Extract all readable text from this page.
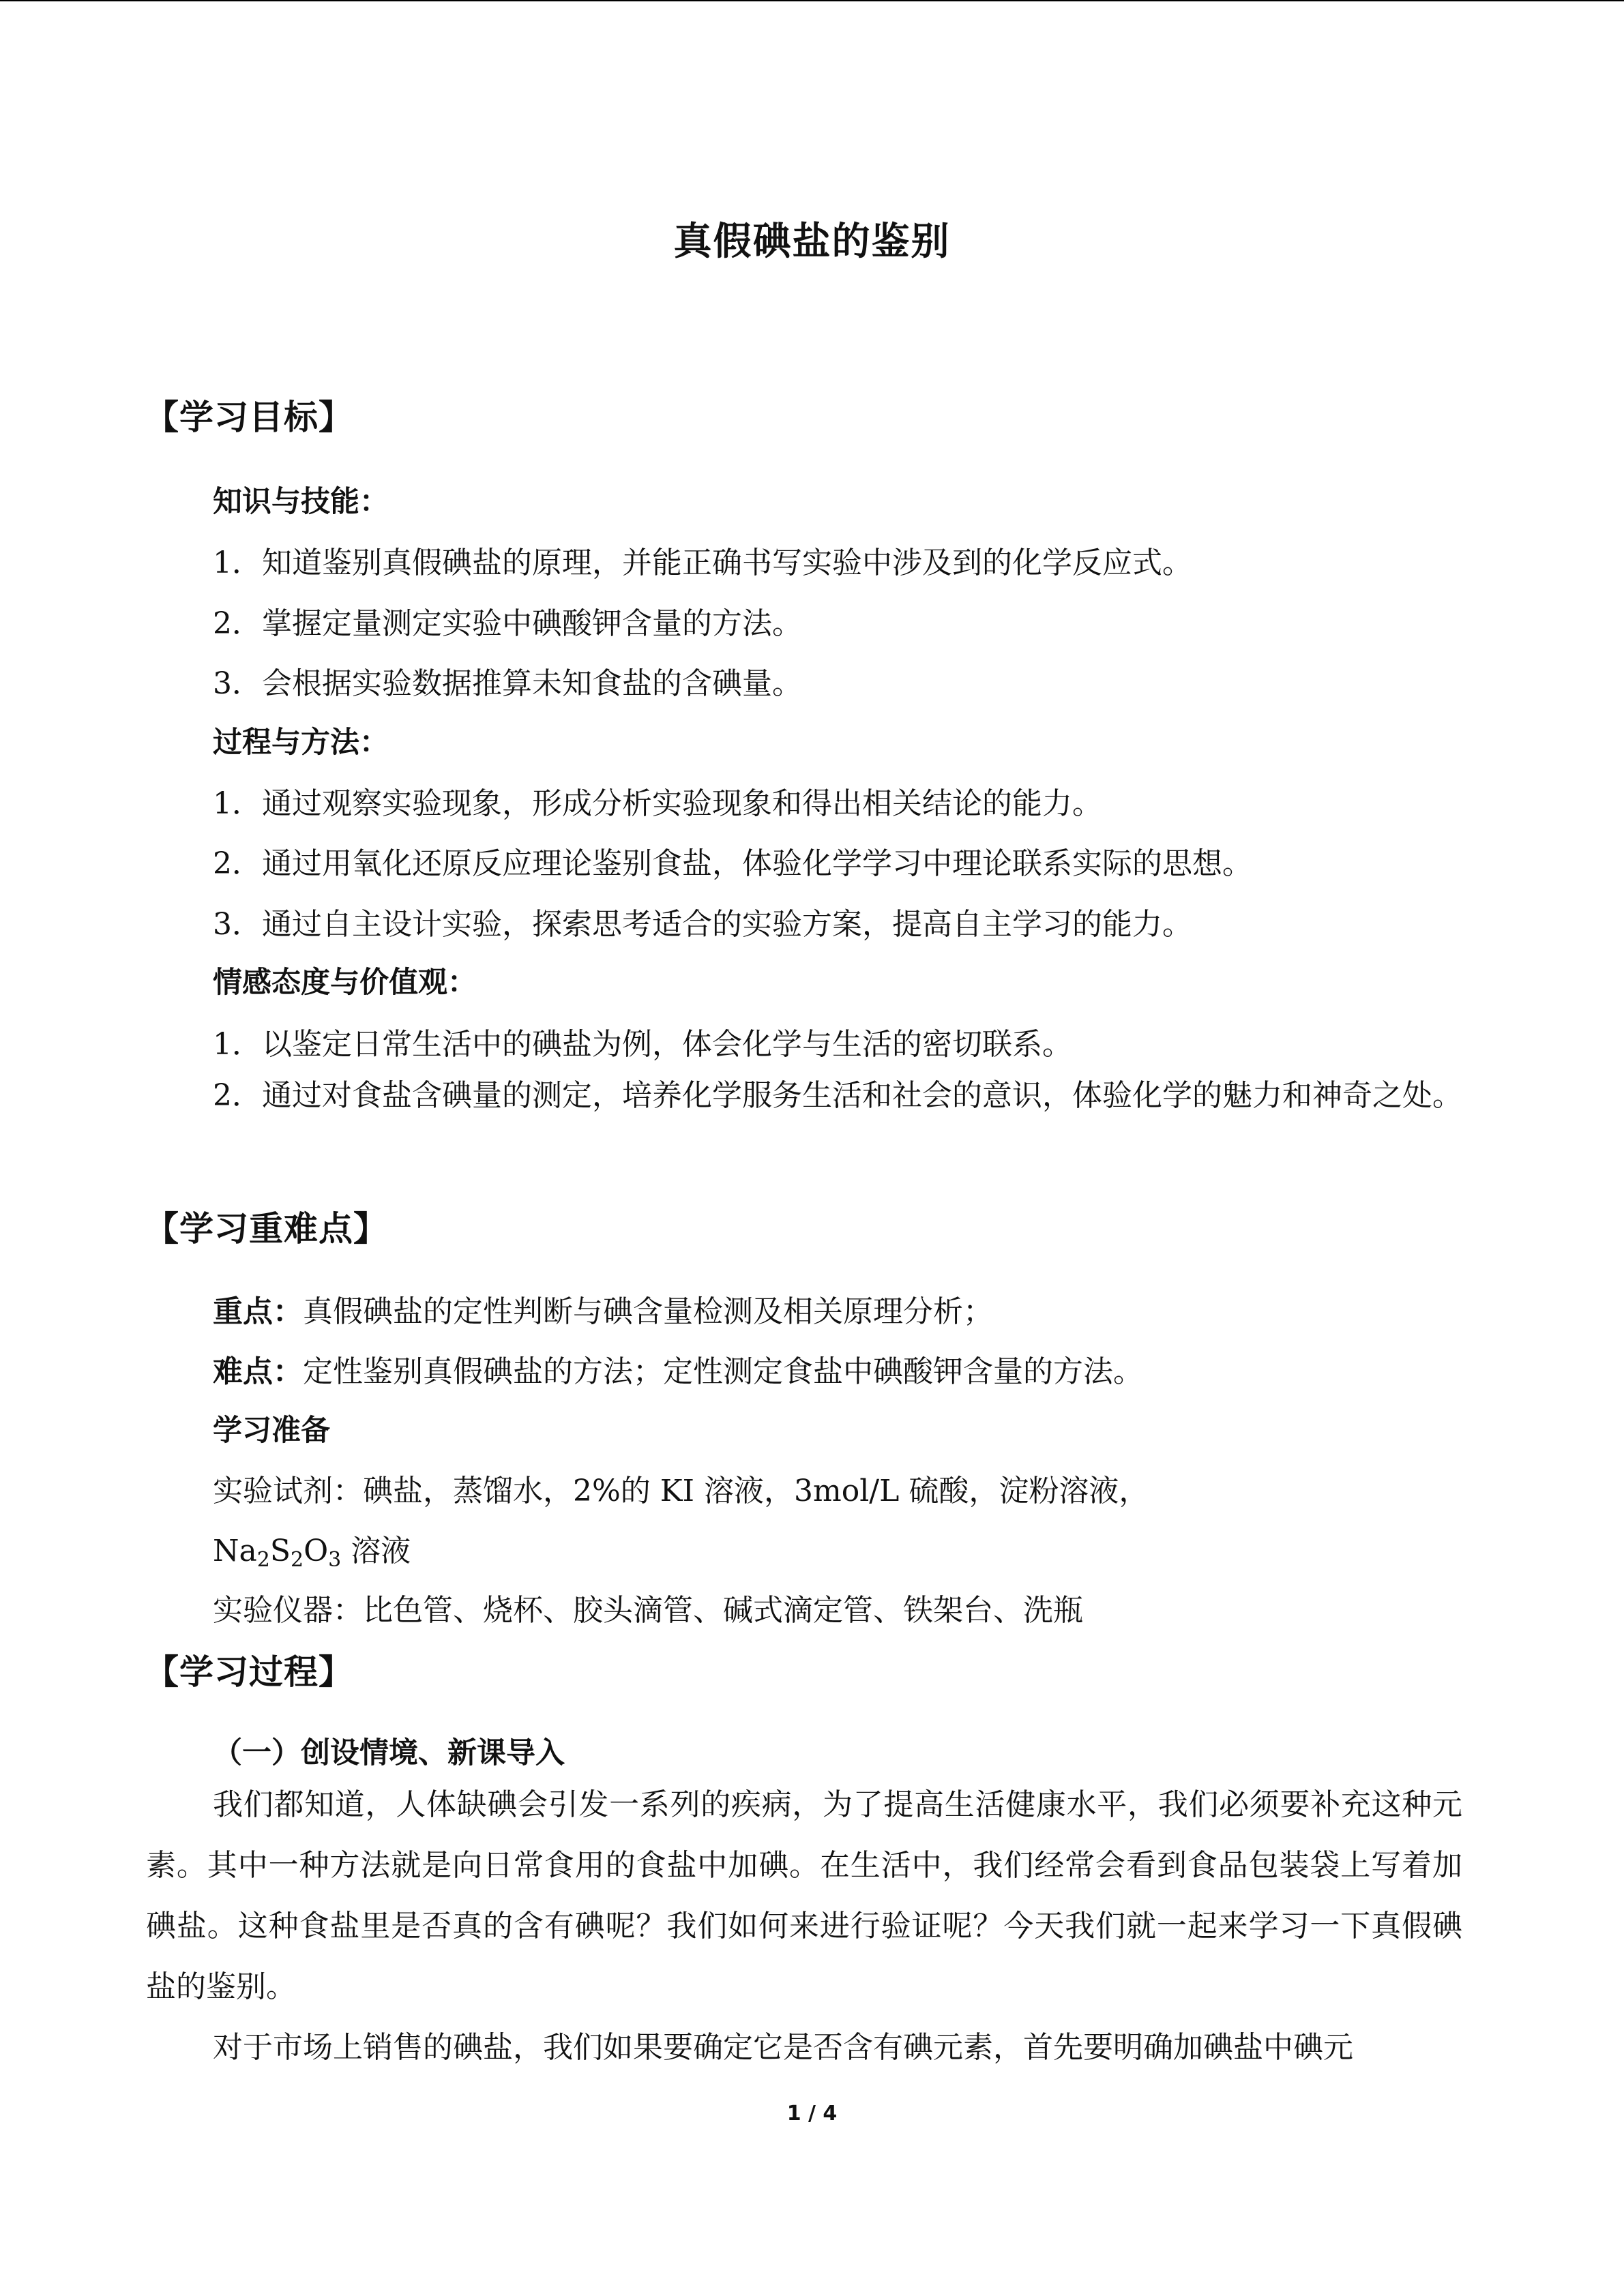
真假碘盐的鉴别
【学习目标】
知识与技能：
1．知道鉴别真假碘盐的原理，并能正确书写实验中涉及到的化学反应式。
2．掌握定量测定实验中碘酸钾含量的方法。
3．会根据实验数据推算未知食盐的含碘量。
过程与方法：
1．通过观察实验现象，形成分析实验现象和得出相关结论的能力。
2．通过用氧化还原反应理论鉴别食盐，体验化学学习中理论联系实际的思想。
3．通过自主设计实验，探索思考适合的实验方案，提高自主学习的能力。
情感态度与价值观：
1．以鉴定日常生活中的碘盐为例，体会化学与生活的密切联系。

2．通过对食盐含碘量的测定，培养化学服务生活和社会的意识，体验化学的魅力和神奇之处。

【学习重难点】
重点：真假碘盐的定性判断与碘含量检测及相关原理分析；
难点：定性鉴别真假碘盐的方法；定性测定食盐中碘酸钾含量的方法。
学习准备
实验试剂：碘盐，蒸馏水，2%的 KI 溶液，3mol/L 硫酸，淀粉溶液，
$Na_2S_2O_3$ 溶液
实验仪器：比色管、烧杯、胶头滴管、碱式滴定管、铁架台、洗瓶
【学习过程】
（一）创设情境、新课导入

我们都知道，人体缺碘会引发一系列的疾病，为了提高生活健康水平，我们必须要补充这种元素。其中一种方法就是向日常食用的食盐中加碘。在生活中，我们经常会看到食品包装袋上写着加碘盐。这种食盐里是否真的含有碘呢？我们如何来进行验证呢？今天我们就一起来学习一下真假碘盐的鉴别。

对于市场上销售的碘盐，我们如果要确定它是否含有碘元素，首先要明确加碘盐中碘元

1 / 4
